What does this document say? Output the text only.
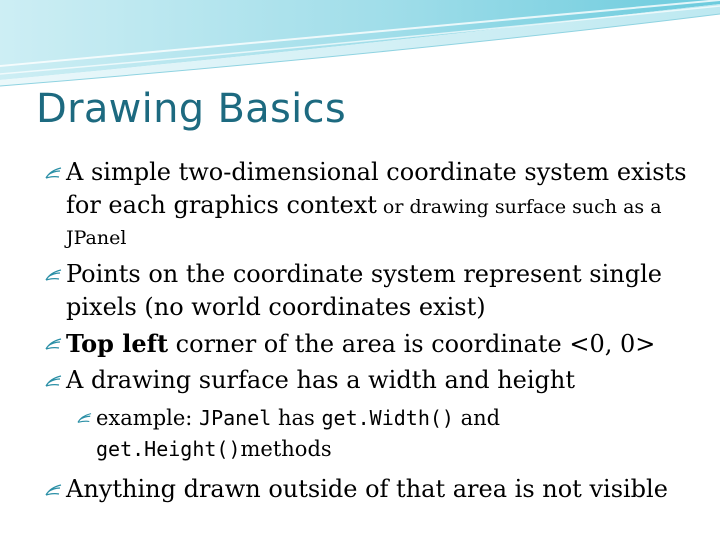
Drawing Basics

A simple two-dimensional coordinate system exists for each graphics context or drawing surface such as a
JPanel

Points on the coordinate system represent single pixels (no world coordinates exist)

Top left corner of the area is coordinate <0, 0>

A drawing surface has a width and height

example: JPanel has get.Width() and
get.Height()methods

Anything drawn outside of that area is not visible
